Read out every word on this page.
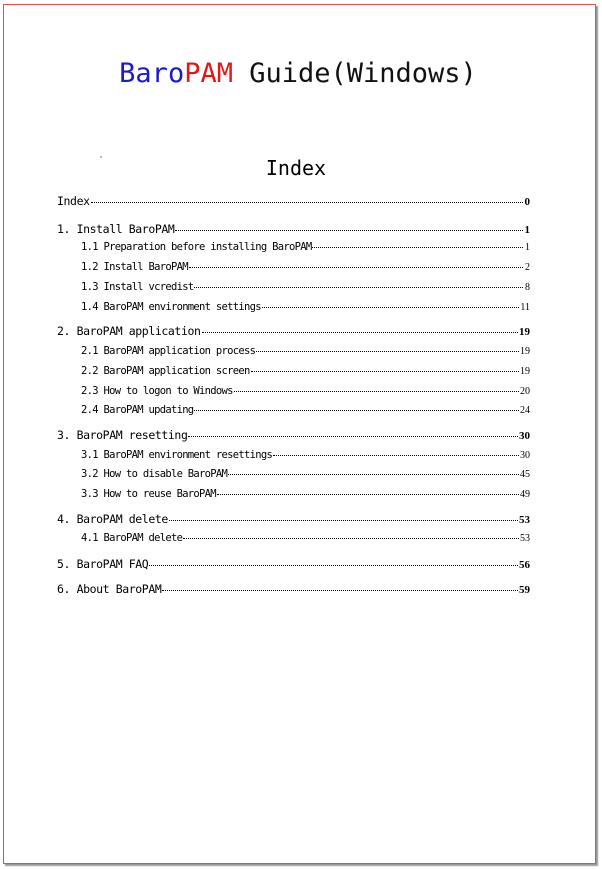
BaroPAM Guide(Windows)
Index
Index	0
1. Install BaroPAM	1
1.1 Preparation before installing BaroPAM	1
1.2 Install BaroPAM	2
1.3 Install vcredist	8
1.4 BaroPAM environment settings	11
2. BaroPAM application	19
2.1 BaroPAM application process	19
2.2 BaroPAM application screen	19
2.3 How to logon to Windows	20
2.4 BaroPAM updating	24
3. BaroPAM resetting	30
3.1 BaroPAM environment resettings	30
3.2 How to disable BaroPAM	45
3.3 How to reuse BaroPAM	49
4. BaroPAM delete	53
4.1 BaroPAM delete	53
5. BaroPAM FAQ	56
6. About BaroPAM	59
